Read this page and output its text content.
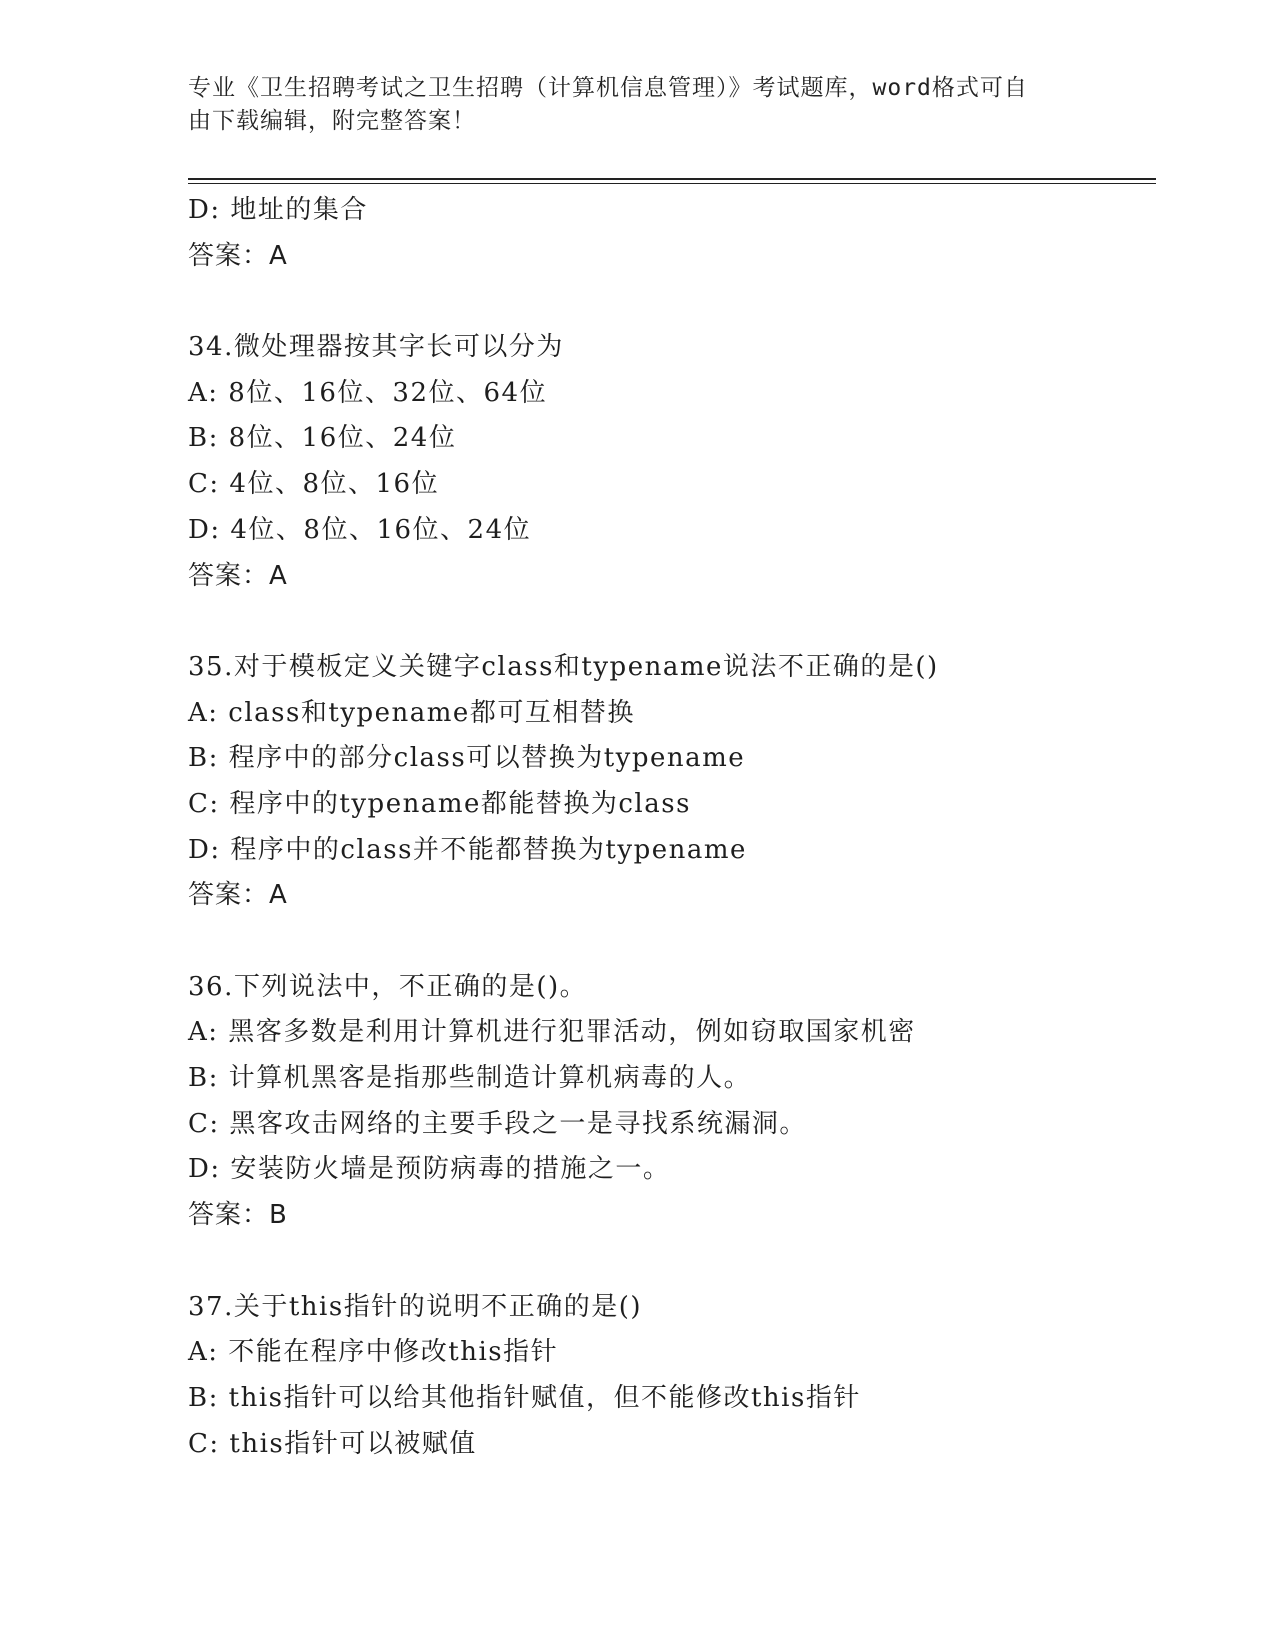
专业《卫生招聘考试之卫生招聘（计算机信息管理）》考试题库，word格式可自
由下载编辑，附完整答案！
D: 地址的集合
答案：A
34.微处理器按其字长可以分为
A: 8位、16位、32位、64位
B: 8位、16位、24位
C: 4位、8位、16位
D: 4位、8位、16位、24位
答案：A
35.对于模板定义关键字class和typename说法不正确的是()
A: class和typename都可互相替换
B: 程序中的部分class可以替换为typename
C: 程序中的typename都能替换为class
D: 程序中的class并不能都替换为typename
答案：A
36.下列说法中，不正确的是()。
A: 黑客多数是利用计算机进行犯罪活动，例如窃取国家机密
B: 计算机黑客是指那些制造计算机病毒的人。
C: 黑客攻击网络的主要手段之一是寻找系统漏洞。
D: 安装防火墙是预防病毒的措施之一。
答案：B
37.关于this指针的说明不正确的是()
A: 不能在程序中修改this指针
B: this指针可以给其他指针赋值，但不能修改this指针
C: this指针可以被赋值
